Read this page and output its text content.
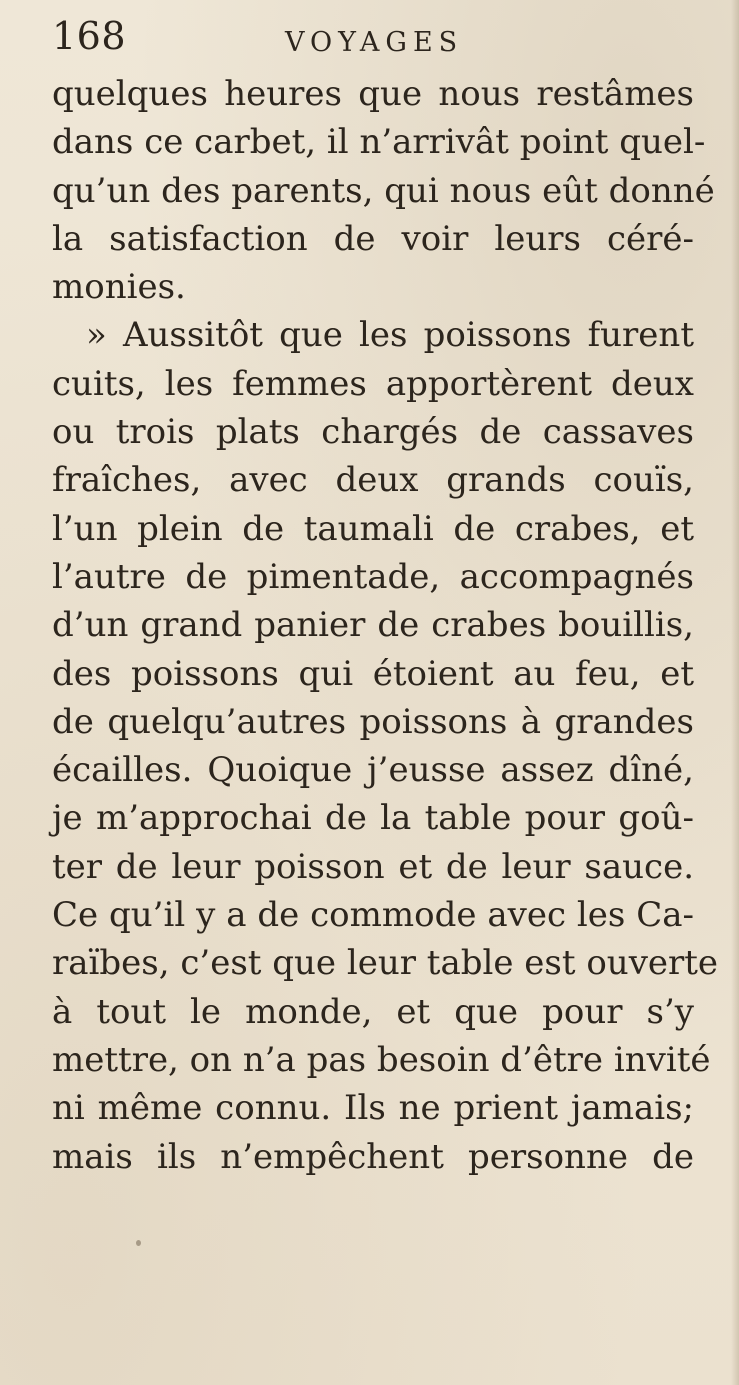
168	VOYAGES
quelques heures que nous restâmes
dans ce carbet, il n’arrivât point quel-
qu’un des parents, qui nous eût donné
la satisfaction de voir leurs céré-
monies.
» Aussitôt que les poissons furent
cuits, les femmes apportèrent deux
ou trois plats chargés de cassaves
fraîches, avec deux grands couïs,
l’un plein de taumali de crabes, et
l’autre de pimentade, accompagnés
d’un grand panier de crabes bouillis,
des poissons qui étoient au feu, et
de quelqu’autres poissons à grandes
écailles. Quoique j’eusse assez dîné,
je m’approchai de la table pour goû-
ter de leur poisson et de leur sauce.
Ce qu’il y a de commode avec les Ca-
raïbes, c’est que leur table est ouverte
à tout le monde, et que pour s’y
mettre, on n’a pas besoin d’être invité
ni même connu. Ils ne prient jamais;
mais ils n’empêchent personne de
